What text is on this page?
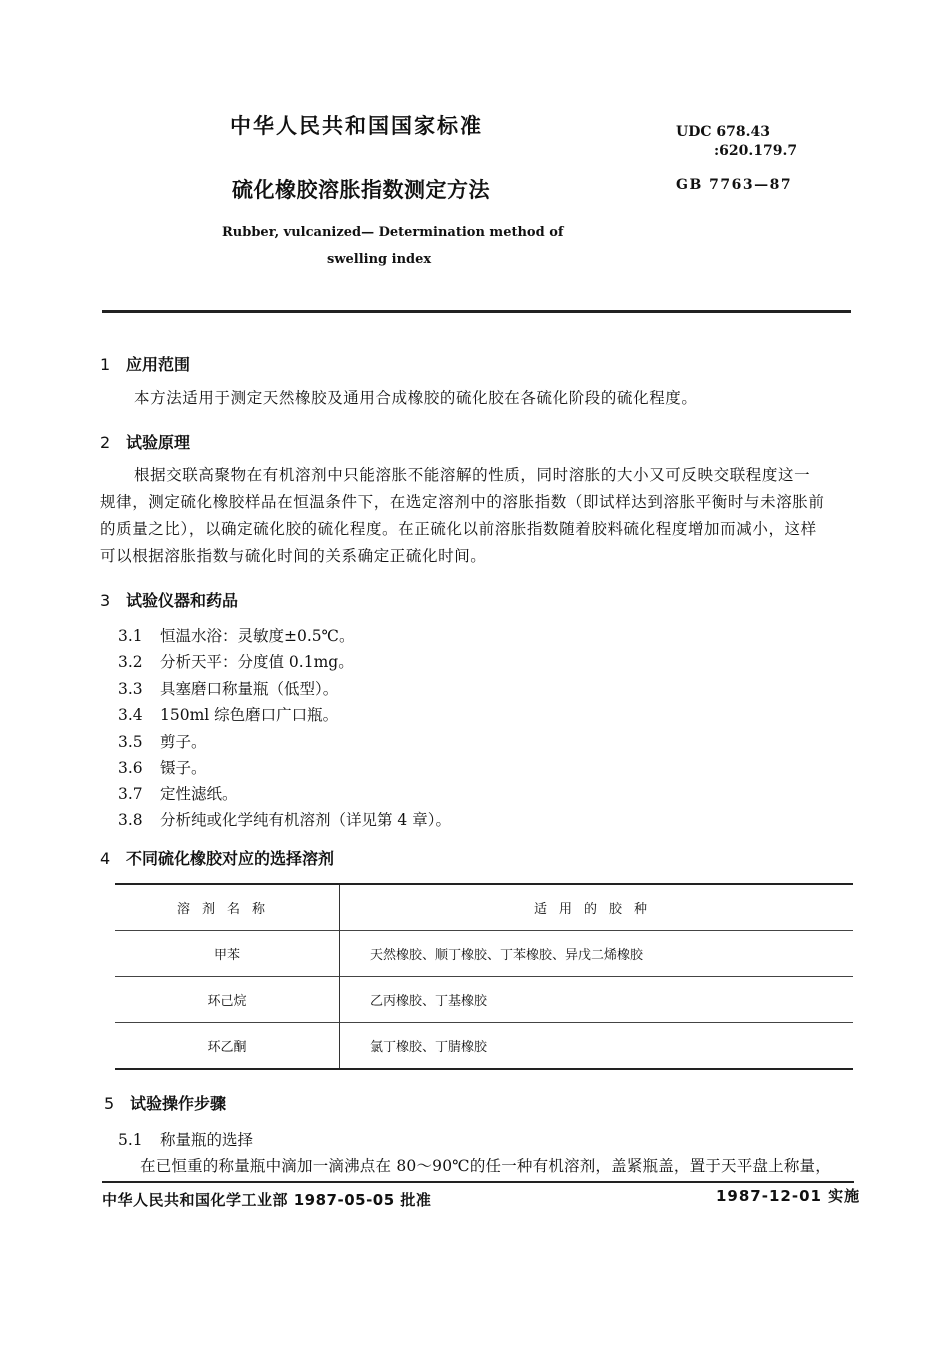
中华人民共和国国家标准
硫化橡胶溶胀指数测定方法
Rubber, vulcanized— Determination method of
swelling index
UDC 678.43
:620.179.7
GB 7763—87
1 应用范围
本方法适用于测定天然橡胶及通用合成橡胶的硫化胶在各硫化阶段的硫化程度。
2 试验原理
根据交联高聚物在有机溶剂中只能溶胀不能溶解的性质，同时溶胀的大小又可反映交联程度这一
规律，测定硫化橡胶样品在恒温条件下，在选定溶剂中的溶胀指数（即试样达到溶胀平衡时与未溶胀前
的质量之比），以确定硫化胶的硫化程度。在正硫化以前溶胀指数随着胶料硫化程度增加而减小，这样
可以根据溶胀指数与硫化时间的关系确定正硫化时间。
3 试验仪器和药品
3.1 恒温水浴：灵敏度±0.5℃。
3.2 分析天平：分度值 0.1mg。
3.3 具塞磨口称量瓶（低型）。
3.4 150ml 综色磨口广口瓶。
3.5 剪子。
3.6 镊子。
3.7 定性滤纸。
3.8 分析纯或化学纯有机溶剂（详见第 4 章）。
4 不同硫化橡胶对应的选择溶剂
溶剂名称	适用的胶种
甲苯	天然橡胶、顺丁橡胶、丁苯橡胶、异戊二烯橡胶
环己烷	乙丙橡胶、丁基橡胶
环乙酮	氯丁橡胶、丁腈橡胶
5 试验操作步骤
5.1 称量瓶的选择
在已恒重的称量瓶中滴加一滴沸点在 80～90℃的任一种有机溶剂，盖紧瓶盖，置于天平盘上称量，
中华人民共和国化学工业部 1987-05-05 批准	1987-12-01 实施
